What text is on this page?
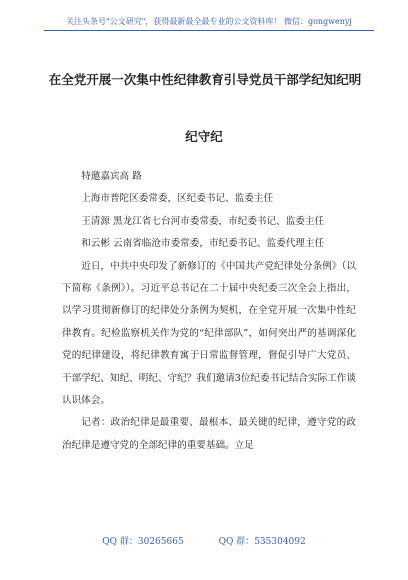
关注头条号"公文研究"，获得最新最全最专业的公文资料库！ 微信：gongwenyj
在全党开展一次集中性纪律教育引导党员干部学纪知纪明
纪守纪

特邀嘉宾高 路

上海市普陀区委常委，区纪委书记、监委主任

王清源 黑龙江省七台河市委常委，市纪委书记、监委主任

和云彬 云南省临沧市委常委，市纪委书记、监委代理主任

近日，中共中央印发了新修订的《中国共产党纪律处分条例》（以下简称《条例》）。习近平总书记在二十届中央纪委三次全会上指出，以学习贯彻新修订的纪律处分条例为契机，在全党开展一次集中性纪律教育。纪检监察机关作为党的“纪律部队”，如何突出严的基调深化党的纪律建设，将纪律教育寓于日常监督管理，督促引导广大党员、干部学纪、知纪、明纪、守纪？我们邀请3位纪委书记结合实际工作谈认识体会。

记者：政治纪律是最重要、最根本、最关键的纪律，遵守党的政治纪律是遵守党的全部纪律的重要基础。立足

QQ 群：30265665	QQ 群：535304092
